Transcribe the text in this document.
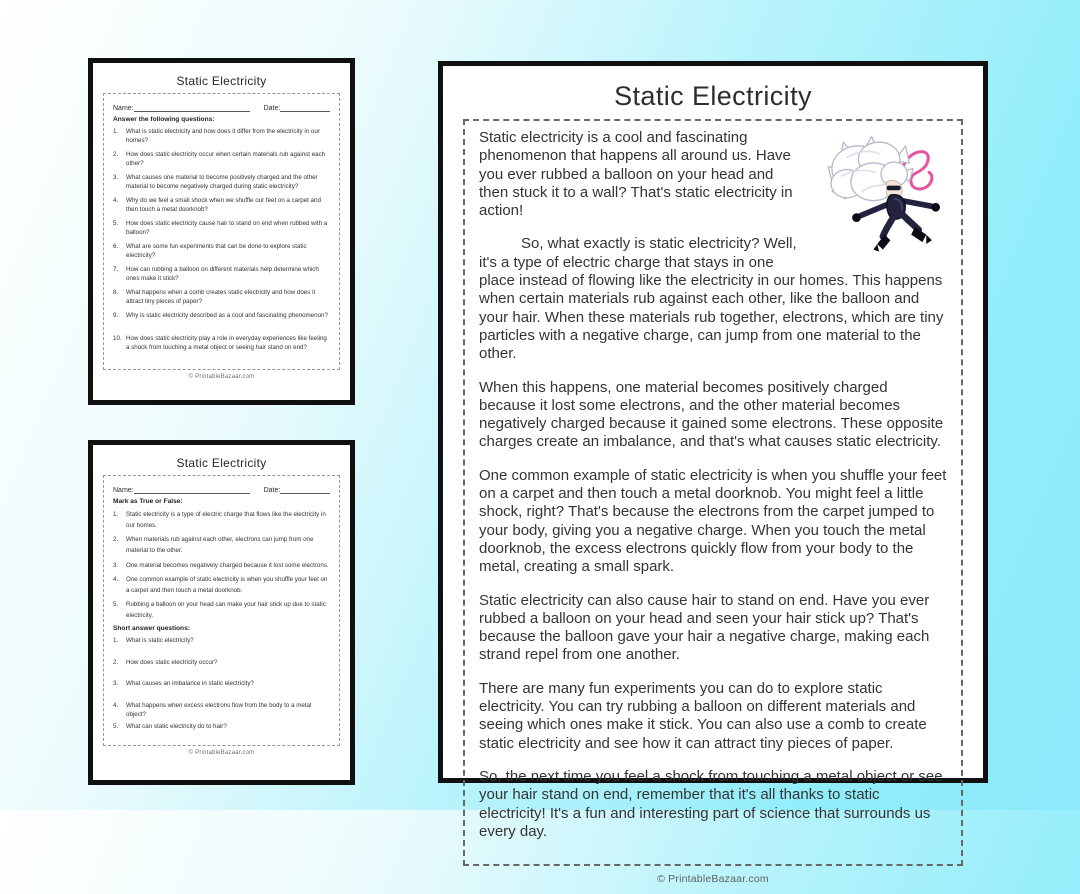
Static Electricity
Name:	Date:
Answer the following questions:
1.	What is static electricity and how does it differ from the electricity in our homes?
2.	How does static electricity occur when certain materials rub against each other?
3.	What causes one material to become positively charged and the other material to become negatively charged during static electricity?
4.	Why do we feel a small shock when we shuffle our feet on a carpet and then touch a metal doorknob?
5.	How does static electricity cause hair to stand on end when rubbed with a balloon?
6.	What are some fun experiments that can be done to explore static electricity?
7.	How can rubbing a balloon on different materials help determine which ones make it stick?
8.	What happens when a comb creates static electricity and how does it attract tiny pieces of paper?
9.	Why is static electricity described as a cool and fascinating phenomenon?
10. How does static electricity play a role in everyday experiences like feeling a shock from touching a metal object or seeing hair stand on end?
© PrintableBazaar.com
Static Electricity
Name:	Date:
Mark as True or False:
1.	Static electricity is a type of electric charge that flows like the electricity in our homes.
2.	When materials rub against each other, electrons can jump from one material to the other.
3.	One material becomes negatively charged because it lost some electrons.
4.	One common example of static electricity is when you shuffle your feet on a carpet and then touch a metal doorknob.
5.	Rubbing a balloon on your head can make your hair stick up due to static electricity.
Short answer questions:
1.	What is static electricity?
2.	How does static electricity occur?
3.	What causes an imbalance in static electricity?
4.	What happens when excess electrons flow from the body to a metal object?
5.	What can static electricity do to hair?
© PrintableBazaar.com
Static Electricity

Static electricity is a cool and fascinating phenomenon that happens all around us. Have you ever rubbed a balloon on your head and then stuck it to a wall? That's static electricity in action!

So, what exactly is static electricity? Well, it's a type of electric charge that stays in one place instead of flowing like the electricity in our homes. This happens when certain materials rub against each other, like the balloon and your hair. When these materials rub together, electrons, which are tiny particles with a negative charge, can jump from one material to the other.

When this happens, one material becomes positively charged because it lost some electrons, and the other material becomes negatively charged because it gained some electrons. These opposite charges create an imbalance, and that's what causes static electricity.

One common example of static electricity is when you shuffle your feet on a carpet and then touch a metal doorknob. You might feel a little shock, right? That's because the electrons from the carpet jumped to your body, giving you a negative charge. When you touch the metal doorknob, the excess electrons quickly flow from your body to the metal, creating a small spark.

Static electricity can also cause hair to stand on end. Have you ever rubbed a balloon on your head and seen your hair stick up? That's because the balloon gave your hair a negative charge, making each strand repel from one another.

There are many fun experiments you can do to explore static electricity. You can try rubbing a balloon on different materials and seeing which ones make it stick. You can also use a comb to create static electricity and see how it can attract tiny pieces of paper.

So, the next time you feel a shock from touching a metal object or see your hair stand on end, remember that it's all thanks to static electricity! It's a fun and interesting part of science that surrounds us every day.

© PrintableBazaar.com
